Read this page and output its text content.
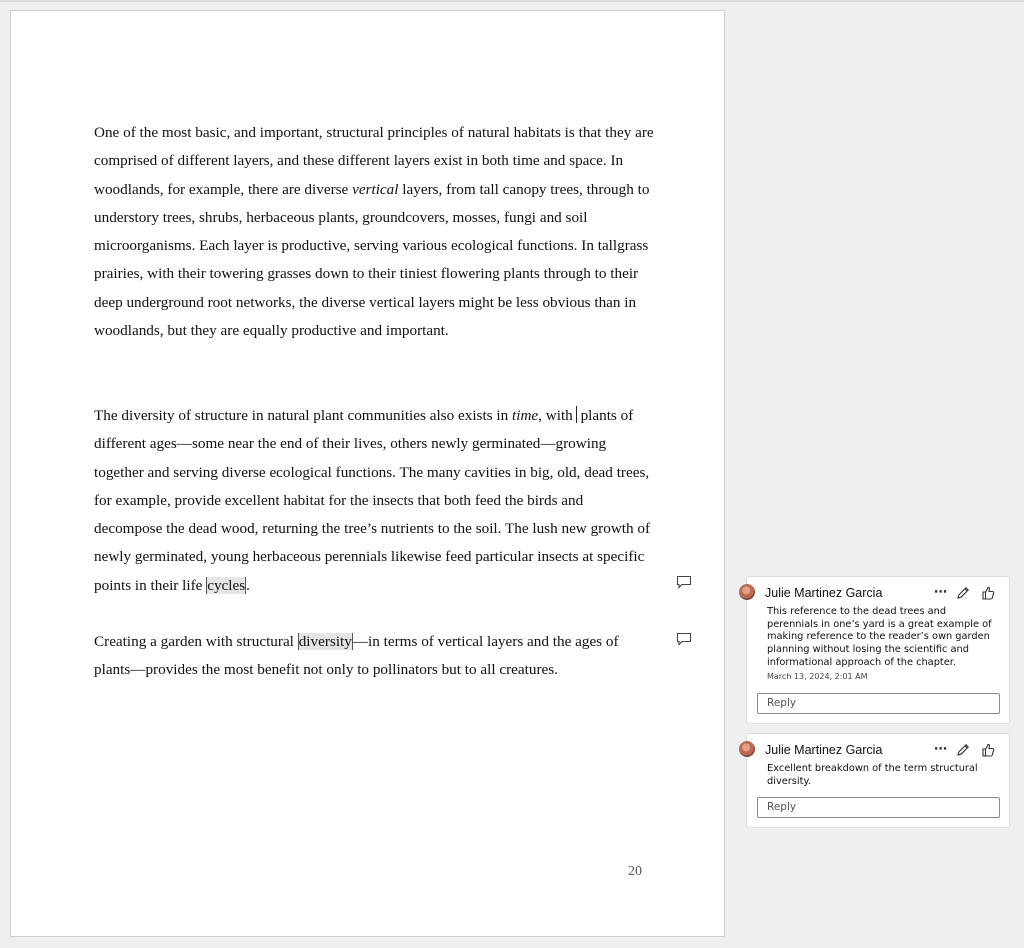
One of the most basic, and important, structural principles of natural habitats is that they are comprised of different layers, and these different layers exist in both time and space. In woodlands, for example, there are diverse vertical layers, from tall canopy trees, through to understory trees, shrubs, herbaceous plants, groundcovers, mosses, fungi and soil microorganisms. Each layer is productive, serving various ecological functions. In tallgrass prairies, with their towering grasses down to their tiniest flowering plants through to their deep underground root networks, the diverse vertical layers might be less obvious than in woodlands, but they are equally productive and important.

The diversity of structure in natural plant communities also exists in time, with plants of different ages—some near the end of their lives, others newly germinated—growing together and serving diverse ecological functions. The many cavities in big, old, dead trees, for example, provide excellent habitat for the insects that both feed the birds and decompose the dead wood, returning the tree’s nutrients to the soil. The lush new growth of newly germinated, young herbaceous perennials likewise feed particular insects at specific points in their life cycles.

Creating a garden with structural diversity—in terms of vertical layers and the ages of plants—provides the most benefit not only to pollinators but to all creatures.

20
Julie Martinez Garcia	⋯

This reference to the dead trees and perennials in one’s yard is a great example of making reference to the reader’s own garden planning without losing the scientific and informational approach of the chapter.

March 13, 2024, 2:01 AM
Reply
Julie Martinez Garcia	⋯

Excellent breakdown of the term structural diversity.

Reply
